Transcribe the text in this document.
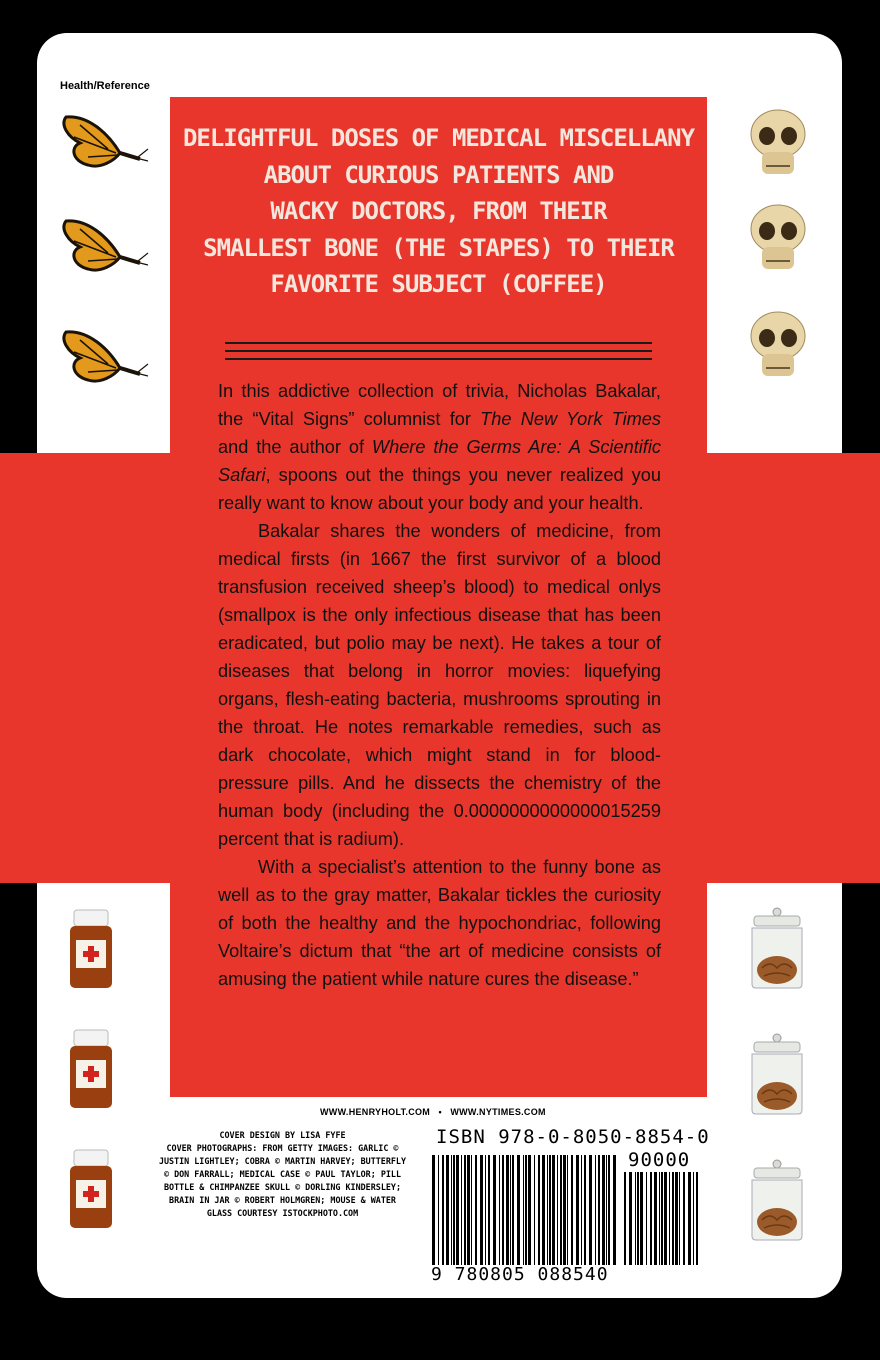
Health/Reference
DELIGHTFUL DOSES OF MEDICAL MISCELLANY
ABOUT CURIOUS PATIENTS AND
WACKY DOCTORS, FROM THEIR
SMALLEST BONE (THE STAPES) TO THEIR
FAVORITE SUBJECT (COFFEE)

In this addictive collection of trivia, Nicholas Bakalar, the “Vital Signs” columnist for The New York Times and the author of Where the Germs Are: A Scientific Safari, spoons out the things you never realized you really want to know about your body and your health.

Bakalar shares the wonders of medicine, from medical firsts (in 1667 the first survivor of a blood transfusion received sheep’s blood) to medical onlys (smallpox is the only infectious disease that has been eradicated, but polio may be next). He takes a tour of diseases that belong in horror movies: liquefying organs, flesh-eating bacteria, mushrooms sprouting in the throat. He notes remarkable remedies, such as dark chocolate, which might stand in for blood-pressure pills. And he dissects the chemistry of the human body (including the 0.0000000000000015259 percent that is radium).

With a specialist’s attention to the funny bone as well as to the gray matter, Bakalar tickles the curiosity of both the healthy and the hypochondriac, following Voltaire’s dictum that “the art of medicine consists of amusing the patient while nature cures the disease.”

WWW.HENRYHOLT.COM   •   WWW.NYTIMES.COM
COVER DESIGN BY LISA FYFE
COVER PHOTOGRAPHS: FROM GETTY IMAGES: GARLIC ©
JUSTIN LIGHTLEY; COBRA © MARTIN HARVEY; BUTTERFLY
© DON FARRALL; MEDICAL CASE © PAUL TAYLOR; PILL
BOTTLE & CHIMPANZEE SKULL © DORLING KINDERSLEY;
BRAIN IN JAR © ROBERT HOLMGREN; MOUSE & WATER
GLASS COURTESY ISTOCKPHOTO.COM
ISBN 978-0-8050-8854-0
90000
9 780805 088540
